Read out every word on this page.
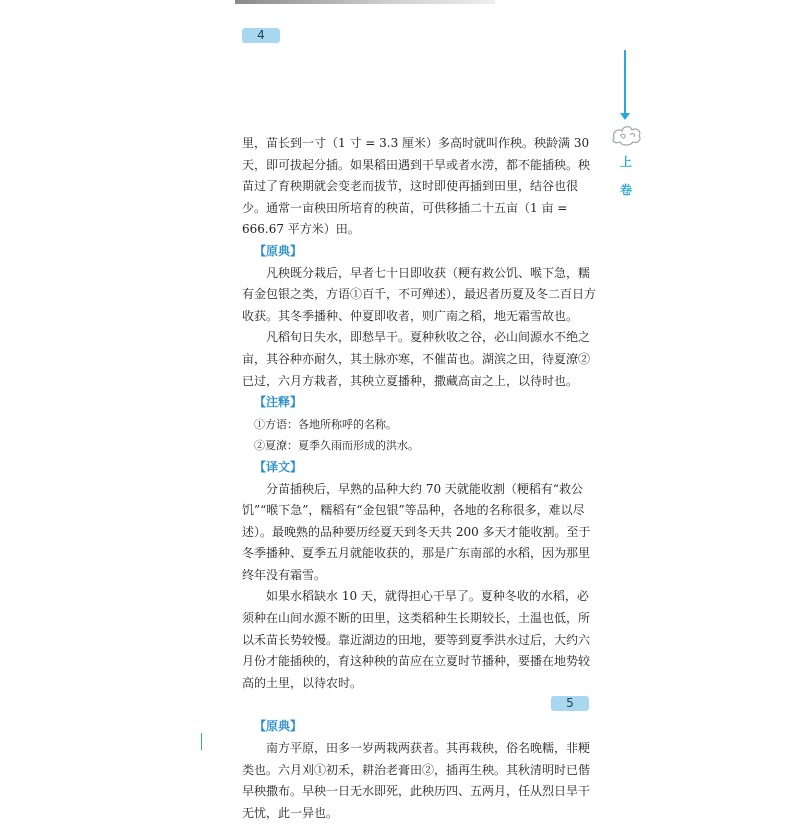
4
上
卷

里，苗长到一寸（1 寸 = 3.3 厘米）多高时就叫作秧。秧龄满 30 天，即可拔起分插。如果稻田遇到干旱或者水涝，都不能插秧。秧苗过了育秧期就会变老而拔节，这时即使再插到田里，结谷也很少。通常一亩秧田所培育的秧苗，可供移插二十五亩（1 亩 = 666.67 平方米）田。

【原典】

凡秧既分栽后，早者七十日即收获（粳有救公饥、喉下急，糯有金包银之类，方语①百千，不可殚述），最迟者历夏及冬二百日方收获。其冬季播种、仲夏即收者，则广南之稻，地无霜雪故也。

凡稻旬日失水，即愁旱干。夏种秋收之谷，必山间源水不绝之亩，其谷种亦耐久，其土脉亦寒，不催苗也。湖滨之田，待夏潦②已过，六月方栽者，其秧立夏播种，撒藏高亩之上，以待时也。

【注释】
①方语：各地所称呼的名称。
②夏潦：夏季久雨而形成的洪水。
【译文】

分苗插秧后，早熟的品种大约 70 天就能收割（粳稻有“救公饥”“喉下急”，糯稻有“金包银”等品种，各地的名称很多，难以尽述）。最晚熟的品种要历经夏天到冬天共 200 多天才能收割。至于冬季播种、夏季五月就能收获的，那是广东南部的水稻，因为那里终年没有霜雪。

如果水稻缺水 10 天，就得担心干旱了。夏种冬收的水稻，必须种在山间水源不断的田里，这类稻种生长期较长，土温也低，所以禾苗长势较慢。靠近湖边的田地，要等到夏季洪水过后，大约六月份才能插秧的，育这种秧的苗应在立夏时节播种，要播在地势较高的土里，以待农时。

【原典】

南方平原，田多一岁两栽两获者。其再栽秧，俗名晚糯，非粳类也。六月刈①初禾，耕治老膏田②，插再生秧。其秋清明时已偕早秧撒布。早秧一日无水即死，此秧历四、五两月，任从烈日旱干无忧，此一异也。

5
